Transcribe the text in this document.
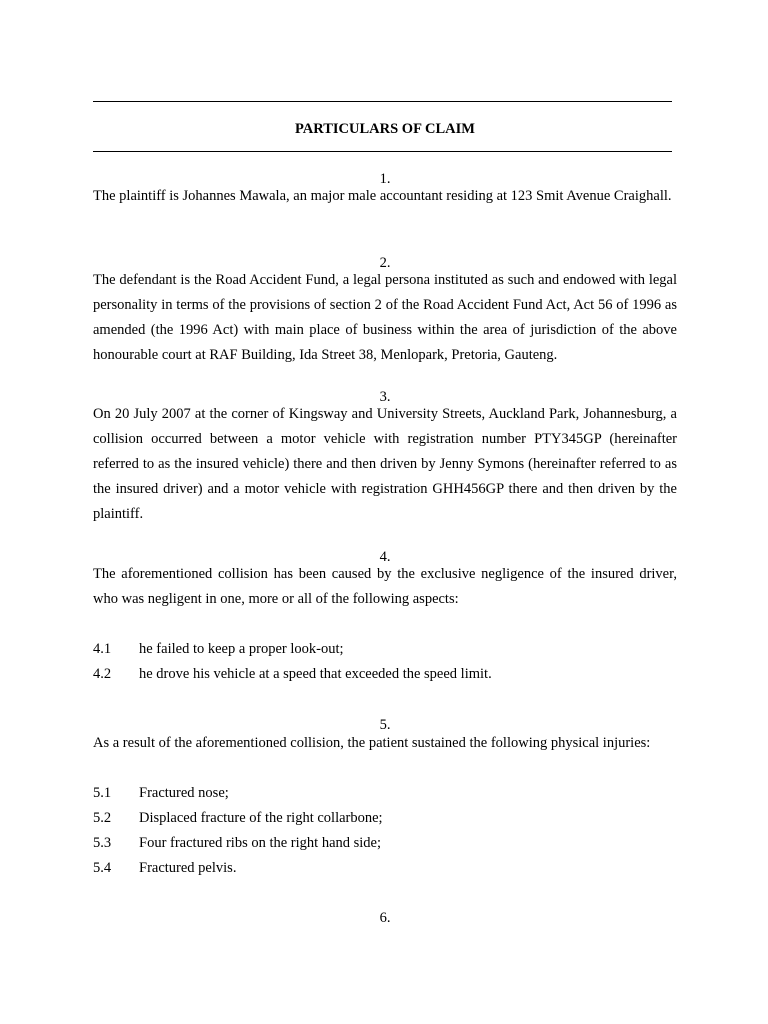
PARTICULARS OF CLAIM
1.

The plaintiff is Johannes Mawala, an major male accountant residing at 123 Smit Avenue Craighall.

2.

The defendant is the Road Accident Fund, a legal persona instituted as such and endowed with legal personality in terms of the provisions of section 2 of the Road Accident Fund Act, Act 56 of 1996 as amended (the 1996 Act) with main place of business within the area of jurisdiction of the above honourable court at RAF Building, Ida Street 38, Menlopark, Pretoria, Gauteng.

3.

On 20 July 2007 at the corner of Kingsway and University Streets, Auckland Park, Johannesburg, a collision occurred between a motor vehicle with registration number PTY345GP (hereinafter referred to as the insured vehicle) there and then driven by Jenny Symons (hereinafter referred to as the insured driver) and a motor vehicle with registration GHH456GP there and then driven by the plaintiff.

4.

The aforementioned collision has been caused by the exclusive negligence of the insured driver, who was negligent in one, more or all of the following aspects:

4.1	he failed to keep a proper look-out;
4.2	he drove his vehicle at a speed that exceeded the speed limit.
5.

As a result of the aforementioned collision, the patient sustained the following physical injuries:

5.1	Fractured nose;
5.2	Displaced fracture of the right collarbone;
5.3	Four fractured ribs on the right hand side;
5.4	Fractured pelvis.
6.
